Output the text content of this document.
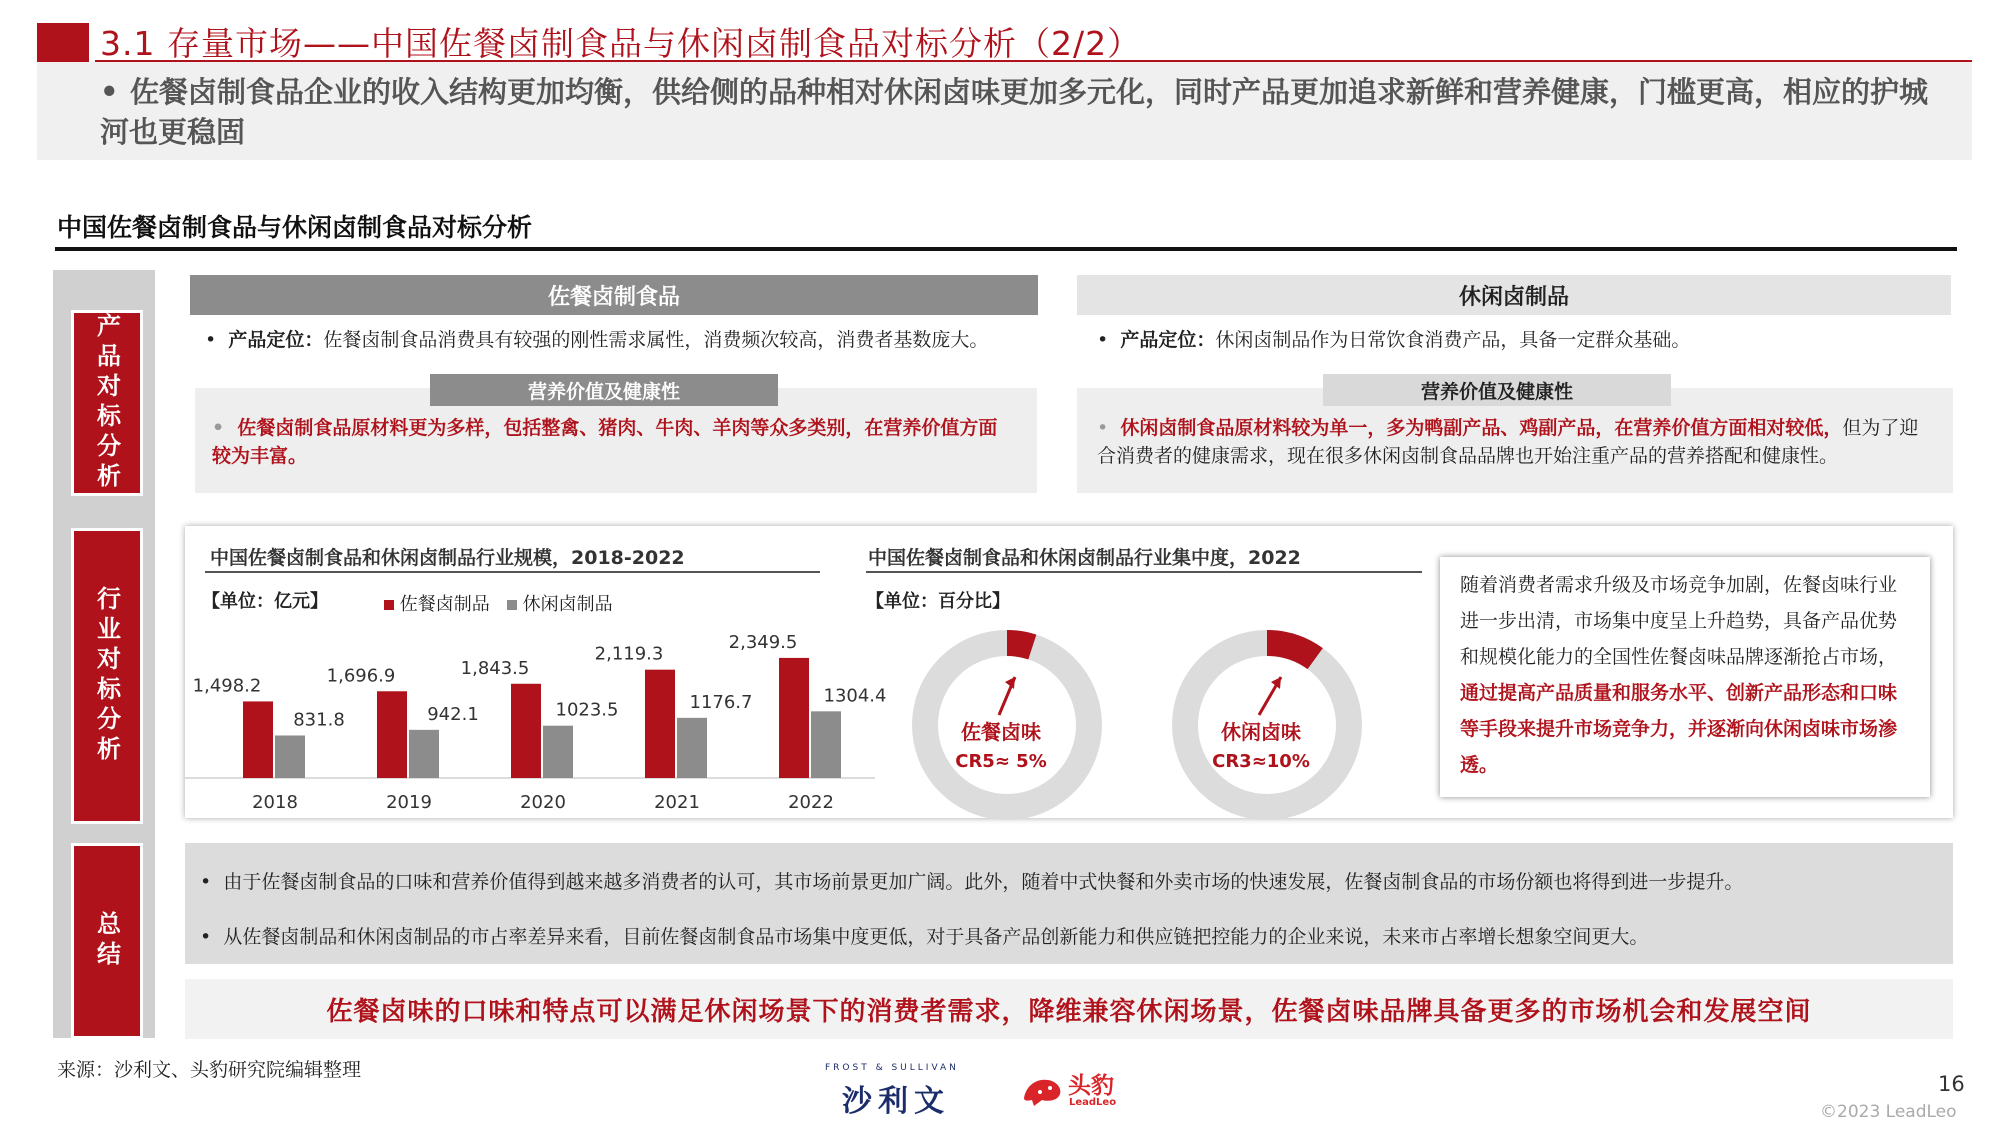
3.1 存量市场——中国佐餐卤制食品与休闲卤制食品对标分析（2/2）
• 佐餐卤制食品企业的收入结构更加均衡，供给侧的品种相对休闲卤味更加多元化，同时产品更加追求新鲜和营养健康，门槛更高，相应的护城河也更稳固
中国佐餐卤制食品与休闲卤制食品对标分析
产品对标分析
行业对标分析
总结
佐餐卤制食品	休闲卤制品
• 产品定位：佐餐卤制食品消费具有较强的刚性需求属性，消费频次较高，消费者基数庞大。	• 产品定位：休闲卤制品作为日常饮食消费产品，具备一定群众基础。
营养价值及健康性	营养价值及健康性
• 佐餐卤制食品原材料更为多样，包括整禽、猪肉、牛肉、羊肉等众多类别，在营养价值方面较为丰富。
• 休闲卤制食品原材料较为单一，多为鸭副产品、鸡副产品，在营养价值方面相对较低，但为了迎合消费者的健康需求，现在很多休闲卤制食品品牌也开始注重产品的营养搭配和健康性。
中国佐餐卤制食品和休闲卤制品行业规模，2018-2022
【单位：亿元】	佐餐卤制品 休闲卤制品
1,498.2
831.8
2018
1,696.9
942.1
2019
1,843.5
1023.5
2020
2,119.3
1176.7
2021
2,349.5
1304.4
2022
中国佐餐卤制食品和休闲卤制品行业集中度，2022
【单位：百分比】
佐餐卤味
CR5≈ 5%
休闲卤味
CR3≈10%
随着消费者需求升级及市场竞争加剧，佐餐卤味行业进一步出清，市场集中度呈上升趋势，具备产品优势和规模化能力的全国性佐餐卤味品牌逐渐抢占市场，通过提高产品质量和服务水平、创新产品形态和口味等手段来提升市场竞争力，并逐渐向休闲卤味市场渗透。
• 由于佐餐卤制食品的口味和营养价值得到越来越多消费者的认可，其市场前景更加广阔。此外，随着中式快餐和外卖市场的快速发展，佐餐卤制食品的市场份额也将得到进一步提升。
• 从佐餐卤制品和休闲卤制品的市占率差异来看，目前佐餐卤制食品市场集中度更低，对于具备产品创新能力和供应链把控能力的企业来说，未来市占率增长想象空间更大。
佐餐卤味的口味和特点可以满足休闲场景下的消费者需求，降维兼容休闲场景，佐餐卤味品牌具备更多的市场机会和发展空间
来源：沙利文、头豹研究院编辑整理	FROST & SULLIVAN
沙利文	头豹
LeadLeo
16
©2023 LeadLeo
